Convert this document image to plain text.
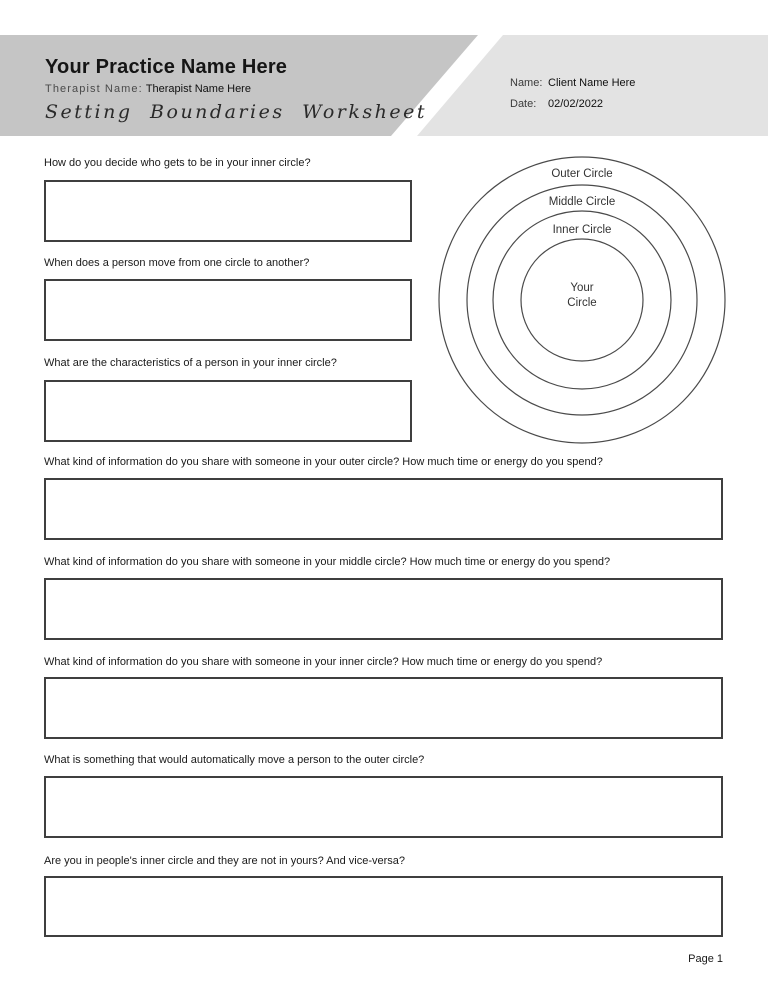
Your Practice Name Here
Therapist Name: Therapist Name Here
Setting Boundaries Worksheet
Name: Client Name Here
Date:	02/02/2022
Outer Circle
Middle Circle
Inner Circle
Your
Circle
How do you decide who gets to be in your inner circle?
When does a person move from one circle to another?
What are the characteristics of a person in your inner circle?
What kind of information do you share with someone in your outer circle? How much time or energy do you spend?
What kind of information do you share with someone in your middle circle? How much time or energy do you spend?
What kind of information do you share with someone in your inner circle? How much time or energy do you spend?
What is something that would automatically move a person to the outer circle?
Are you in people's inner circle and they are not in yours? And vice-versa?
Page 1
